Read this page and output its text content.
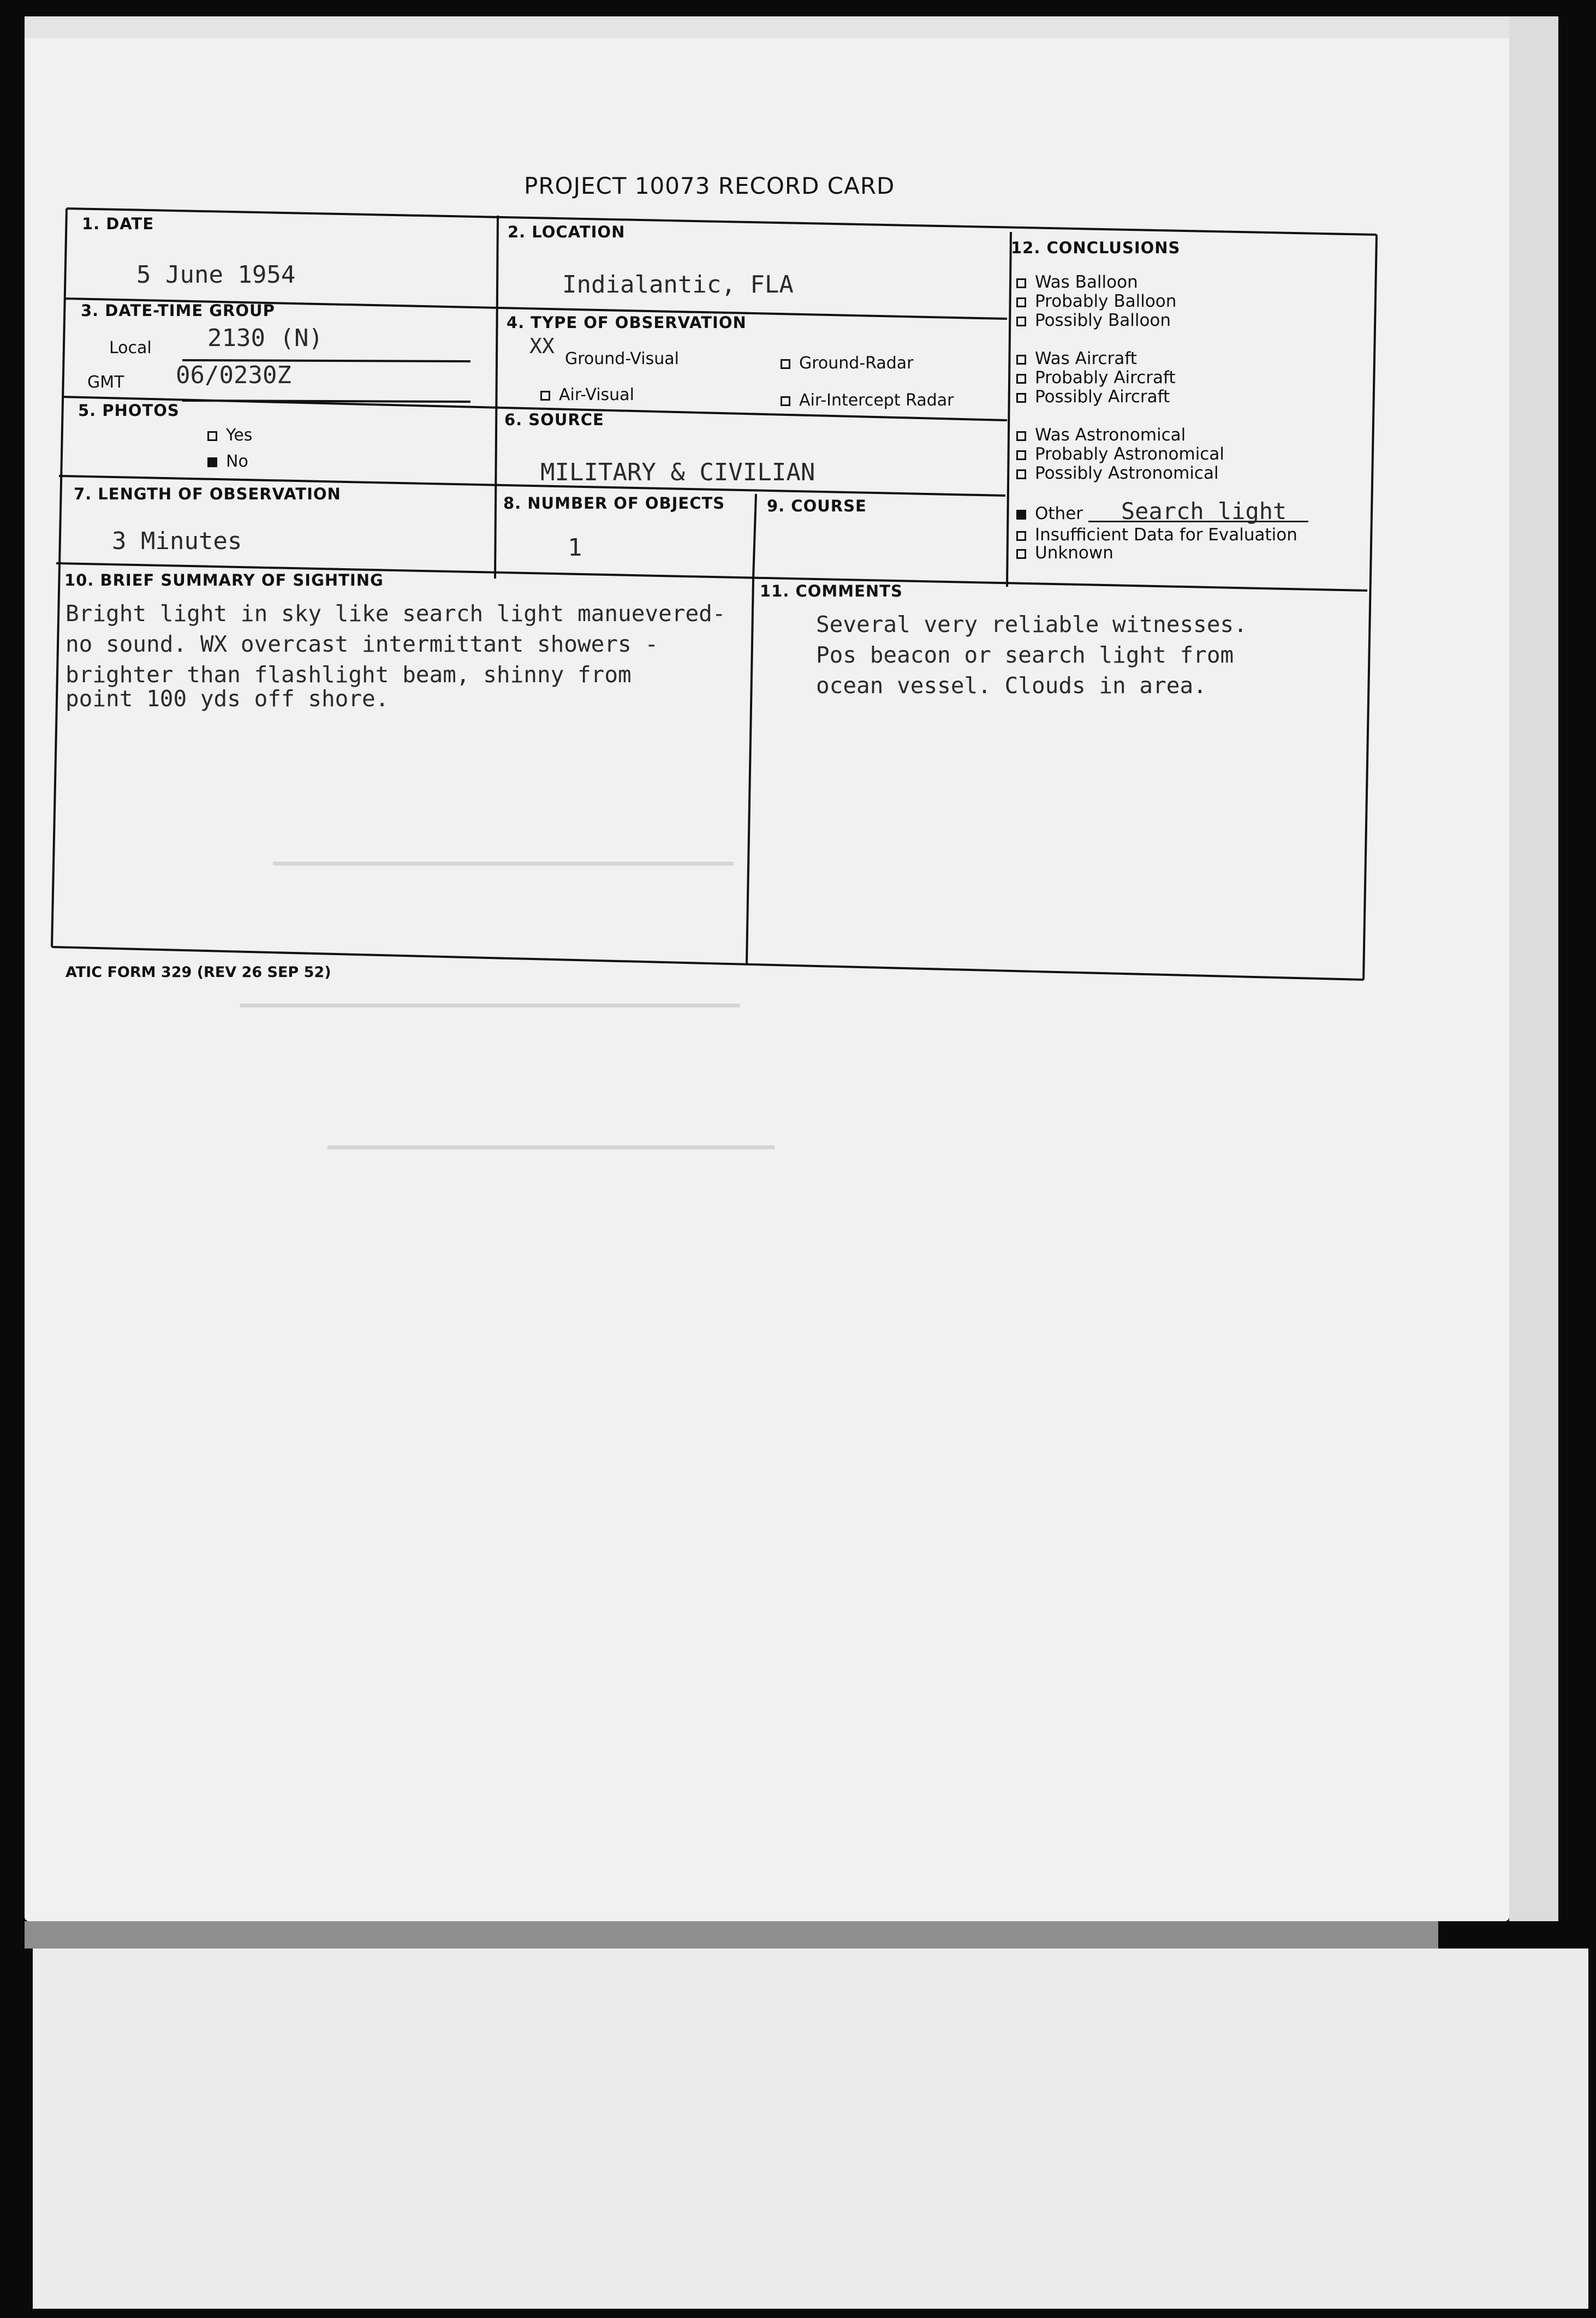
━━━━━━━━━━━━━━━━━━━━━━━━━━━━━━━━━━━
━━━━━━━━━━━━━━━━━━━━━━━━━━━━━━━━━━━━━━
━━━━━━━━━━━━━━━━━━━━━━━━━━━━━━━━━━
PROJECT 10073 RECORD CARD
1. DATE
5 June 1954
2. LOCATION
Indialantic, FLA
3. DATE-TIME GROUP
Local 2130 (N)
GMT 06/0230Z
4. TYPE OF OBSERVATION
XX
Ground-Visual	Ground-Radar
Air-Visual	Air-Intercept Radar
5. PHOTOS
Yes
No
6. SOURCE
MILITARY & CIVILIAN
7. LENGTH OF OBSERVATION
3 Minutes
8. NUMBER OF OBJECTS
1
9. COURSE
10. BRIEF SUMMARY OF SIGHTING
Bright light in sky like search light manuevered-
no sound. WX overcast intermittant showers -
brighter than flashlight beam, shinny from
point 100 yds off shore.
11. COMMENTS
Several very reliable witnesses.
Pos beacon or search light from
ocean vessel. Clouds in area.
12. CONCLUSIONS
Was Balloon
Probably Balloon
Possibly Balloon
Was Aircraft
Probably Aircraft
Possibly Aircraft
Was Astronomical
Probably Astronomical
Possibly Astronomical
Other Search light
Insufficient Data for Evaluation
Unknown
ATIC FORM 329 (REV 26 SEP 52)
